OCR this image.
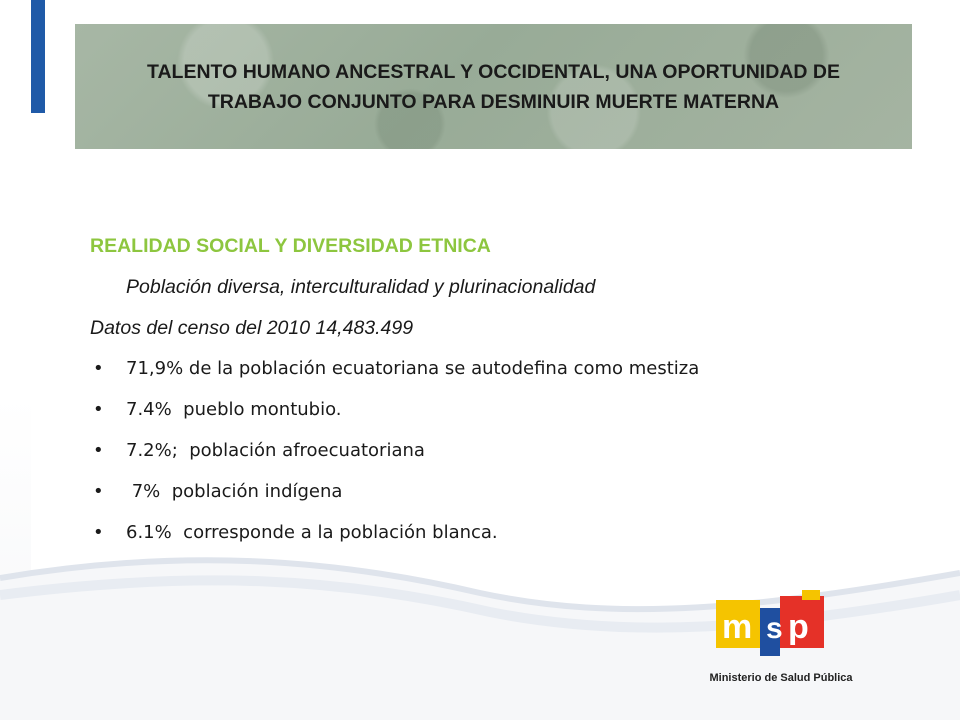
TALENTO HUMANO ANCESTRAL Y OCCIDENTAL, UNA OPORTUNIDAD DE TRABAJO CONJUNTO PARA DESMINUIR MUERTE MATERNA

REALIDAD SOCIAL Y DIVERSIDAD ETNICA

Población diversa, interculturalidad y plurinacionalidad

Datos del censo del 2010 14,483.499

• 71,9% de la población ecuatoriana se autodefina como mestiza
• 7.4%  pueblo montubio.
• 7.2%;  población afroecuatoriana
• 7%  población indígena
• 6.1%  corresponde a la población blanca.
m s p
Ministerio de Salud Pública
